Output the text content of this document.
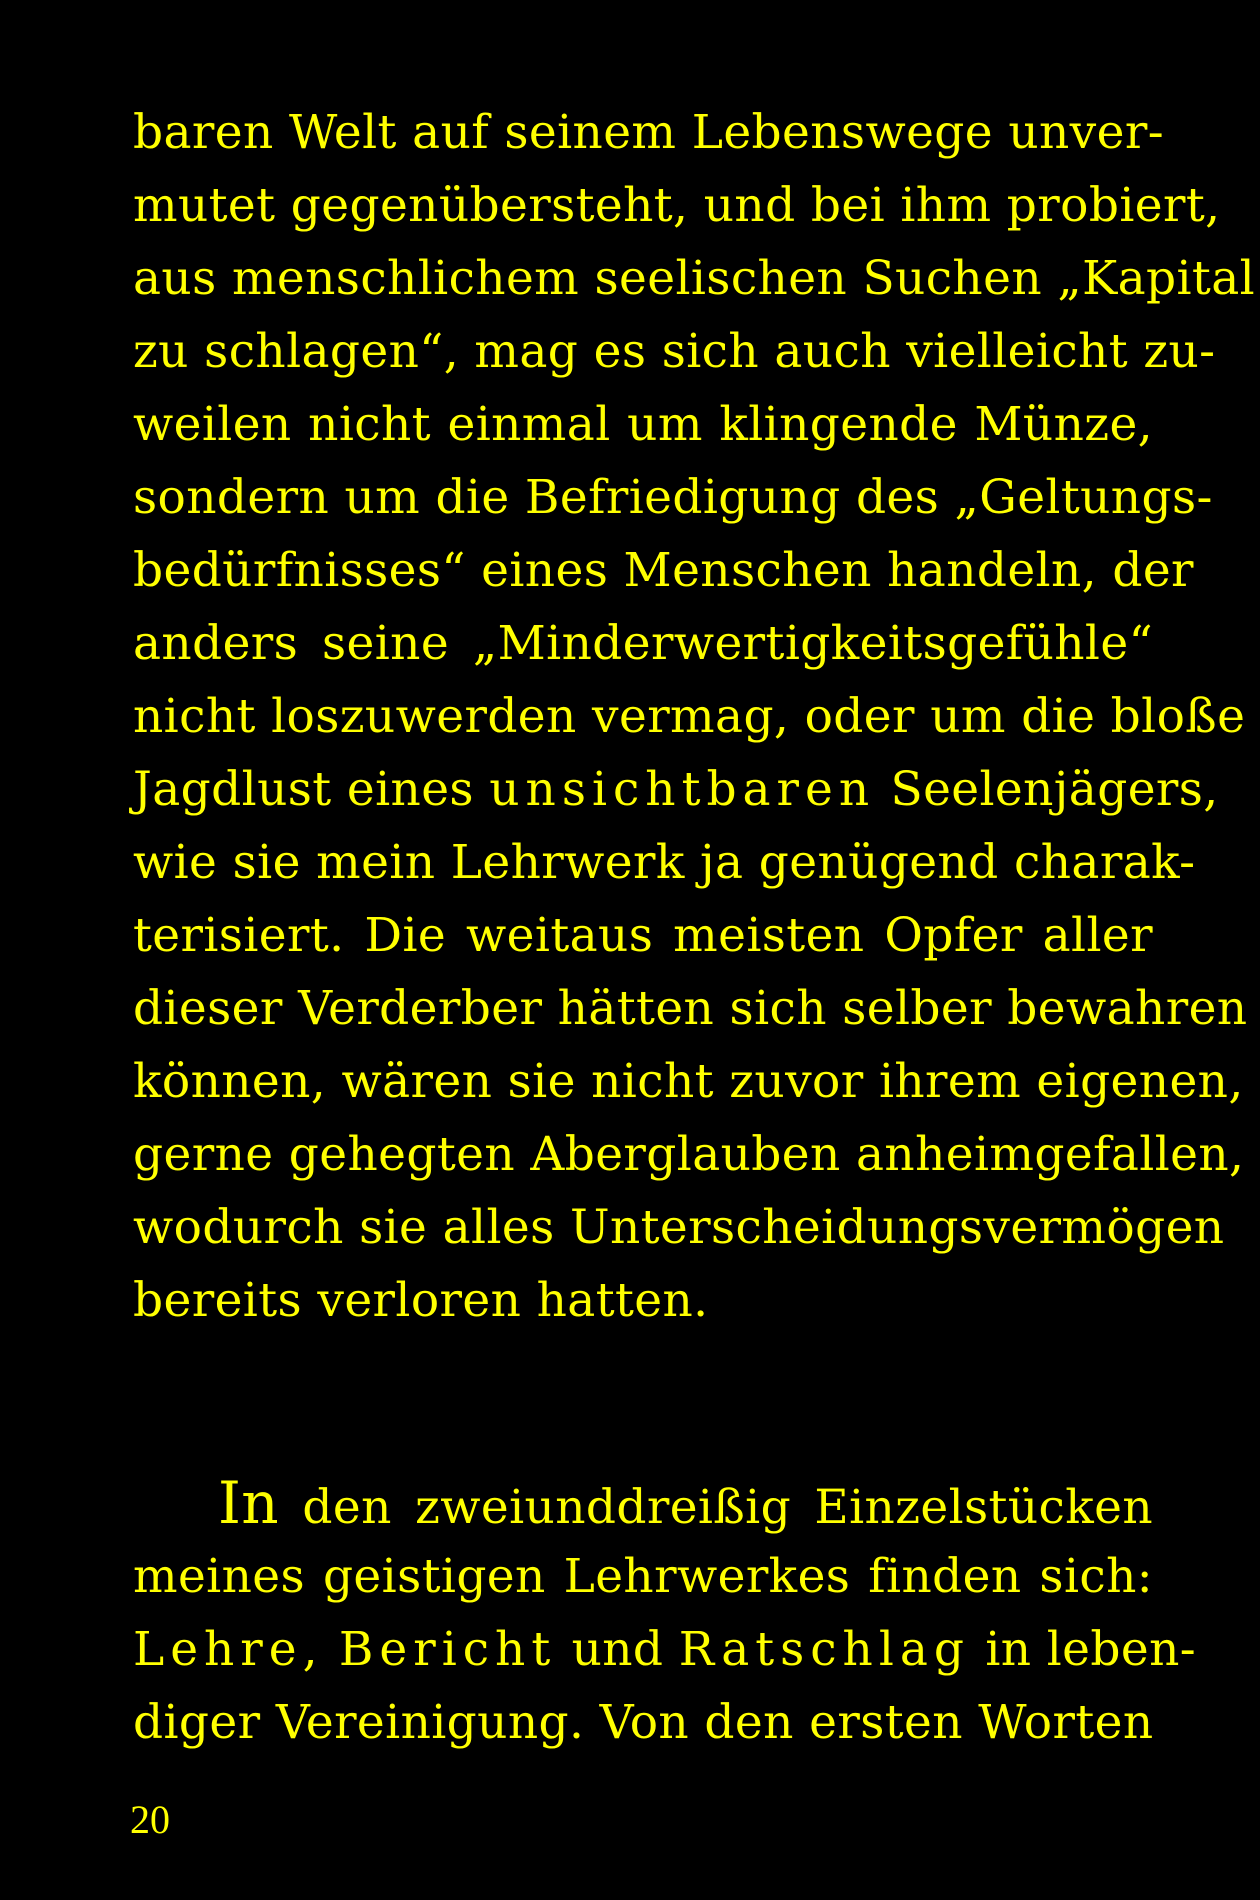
baren Welt auf seinem Lebenswege unver-
mutet gegenübersteht, und bei ihm probiert,
aus menschlichem seelischen Suchen „Kapital
zu schlagen“, mag es sich auch vielleicht zu-
weilen nicht einmal um klingende Münze,
sondern um die Befriedigung des „Geltungs-
bedürfnisses“ eines Menschen handeln, der
anders seine „Minderwertigkeitsgefühle“
nicht loszuwerden vermag, oder um die bloße
Jagdlust eines unsichtbaren Seelenjägers,
wie sie mein Lehrwerk ja genügend charak-
terisiert. Die weitaus meisten Opfer aller
dieser Verderber hätten sich selber bewahren
können, wären sie nicht zuvor ihrem eigenen,
gerne gehegten Aberglauben anheimgefallen,
wodurch sie alles Unterscheidungsvermögen
bereits verloren hatten.
In den zweiunddreißig Einzelstücken
meines geistigen Lehrwerkes finden sich:
Lehre, Bericht und Ratschlag in leben-
diger Vereinigung. Von den ersten Worten
20
